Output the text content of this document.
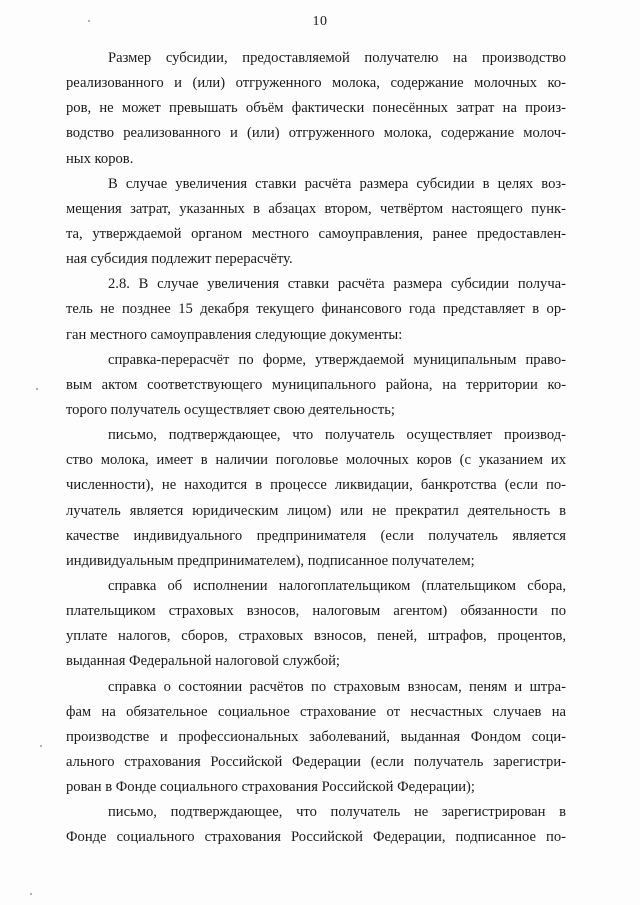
10
Размер субсидии, предоставляемой получателю на производство
реализованного и (или) отгруженного молока, содержание молочных ко-
ров, не может превышать объём фактически понесённых затрат на произ-
водство реализованного и (или) отгруженного молока, содержание молоч-
ных коров.
В случае увеличения ставки расчёта размера субсидии в целях воз-
мещения затрат, указанных в абзацах втором, четвёртом настоящего пунк-
та, утверждаемой органом местного самоуправления, ранее предоставлен-
ная субсидия подлежит перерасчёту.
2.8. В случае увеличения ставки расчёта размера субсидии получа-
тель не позднее 15 декабря текущего финансового года представляет в ор-
ган местного самоуправления следующие документы:
справка-перерасчёт по форме, утверждаемой муниципальным право-
вым актом соответствующего муниципального района, на территории ко-
торого получатель осуществляет свою деятельность;
письмо, подтверждающее, что получатель осуществляет производ-
ство молока, имеет в наличии поголовье молочных коров (с указанием их
численности), не находится в процессе ликвидации, банкротства (если по-
лучатель является юридическим лицом) или не прекратил деятельность в
качестве индивидуального предпринимателя (если получатель является
индивидуальным предпринимателем), подписанное получателем;
справка об исполнении налогоплательщиком (плательщиком сбора,
плательщиком страховых взносов, налоговым агентом) обязанности по
уплате налогов, сборов, страховых взносов, пеней, штрафов, процентов,
выданная Федеральной налоговой службой;
справка о состоянии расчётов по страховым взносам, пеням и штра-
фам на обязательное социальное страхование от несчастных случаев на
производстве и профессиональных заболеваний, выданная Фондом соци-
ального страхования Российской Федерации (если получатель зарегистри-
рован в Фонде социального страхования Российской Федерации);
письмо, подтверждающее, что получатель не зарегистрирован в
Фонде социального страхования Российской Федерации, подписанное по-
